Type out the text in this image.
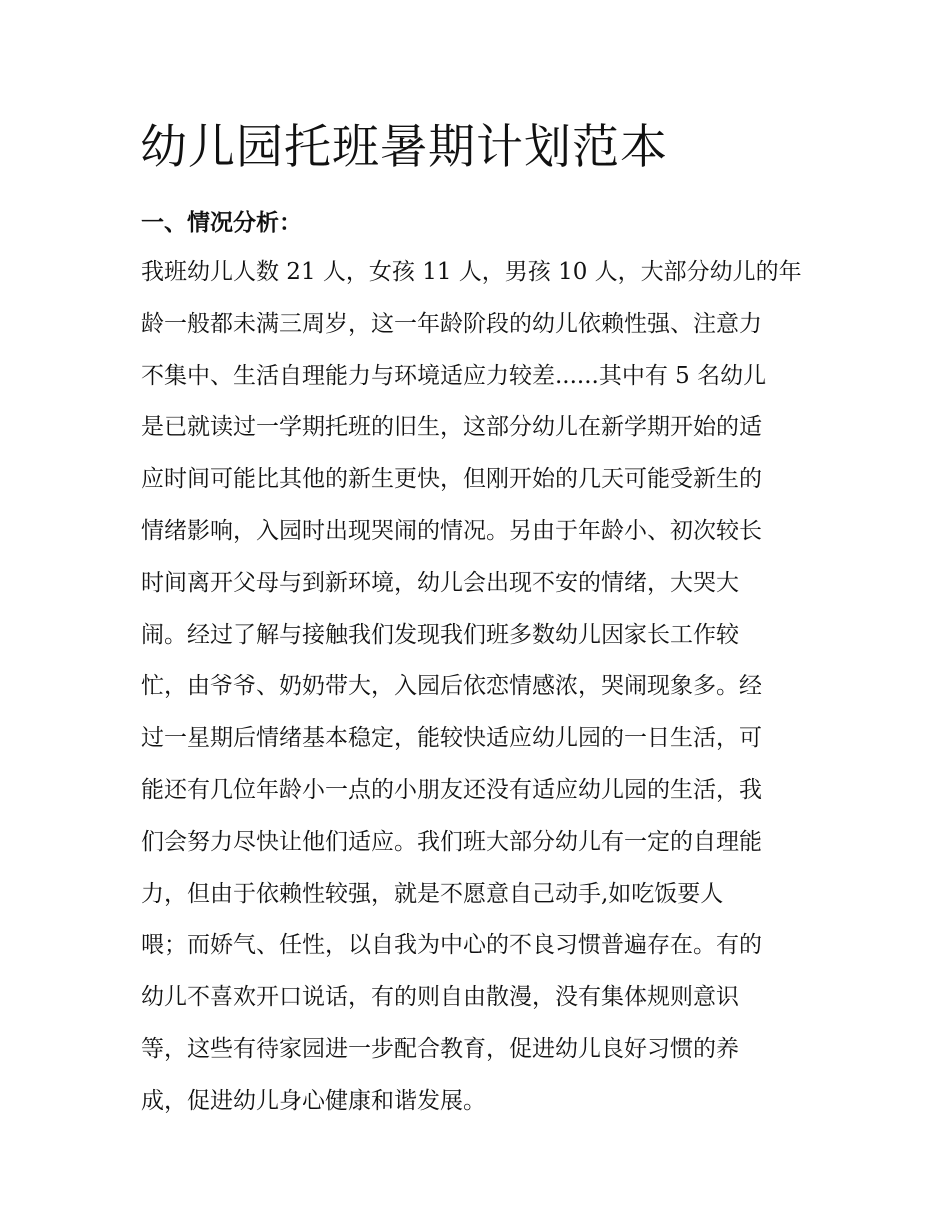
幼儿园托班暑期计划范本
一、情况分析：
我班幼儿人数 21 人，女孩 11 人，男孩 10 人，大部分幼儿的年
龄一般都未满三周岁，这一年龄阶段的幼儿依赖性强、注意力
不集中、生活自理能力与环境适应力较差......其中有 5 名幼儿
是已就读过一学期托班的旧生，这部分幼儿在新学期开始的适
应时间可能比其他的新生更快，但刚开始的几天可能受新生的
情绪影响，入园时出现哭闹的情况。另由于年龄小、初次较长
时间离开父母与到新环境，幼儿会出现不安的情绪，大哭大
闹。经过了解与接触我们发现我们班多数幼儿因家长工作较
忙，由爷爷、奶奶带大，入园后依恋情感浓，哭闹现象多。经
过一星期后情绪基本稳定，能较快适应幼儿园的一日生活，可
能还有几位年龄小一点的小朋友还没有适应幼儿园的生活，我
们会努力尽快让他们适应。我们班大部分幼儿有一定的自理能
力，但由于依赖性较强，就是不愿意自己动手,如吃饭要人
喂；而娇气、任性，以自我为中心的不良习惯普遍存在。有的
幼儿不喜欢开口说话，有的则自由散漫，没有集体规则意识
等，这些有待家园进一步配合教育，促进幼儿良好习惯的养
成，促进幼儿身心健康和谐发展。
